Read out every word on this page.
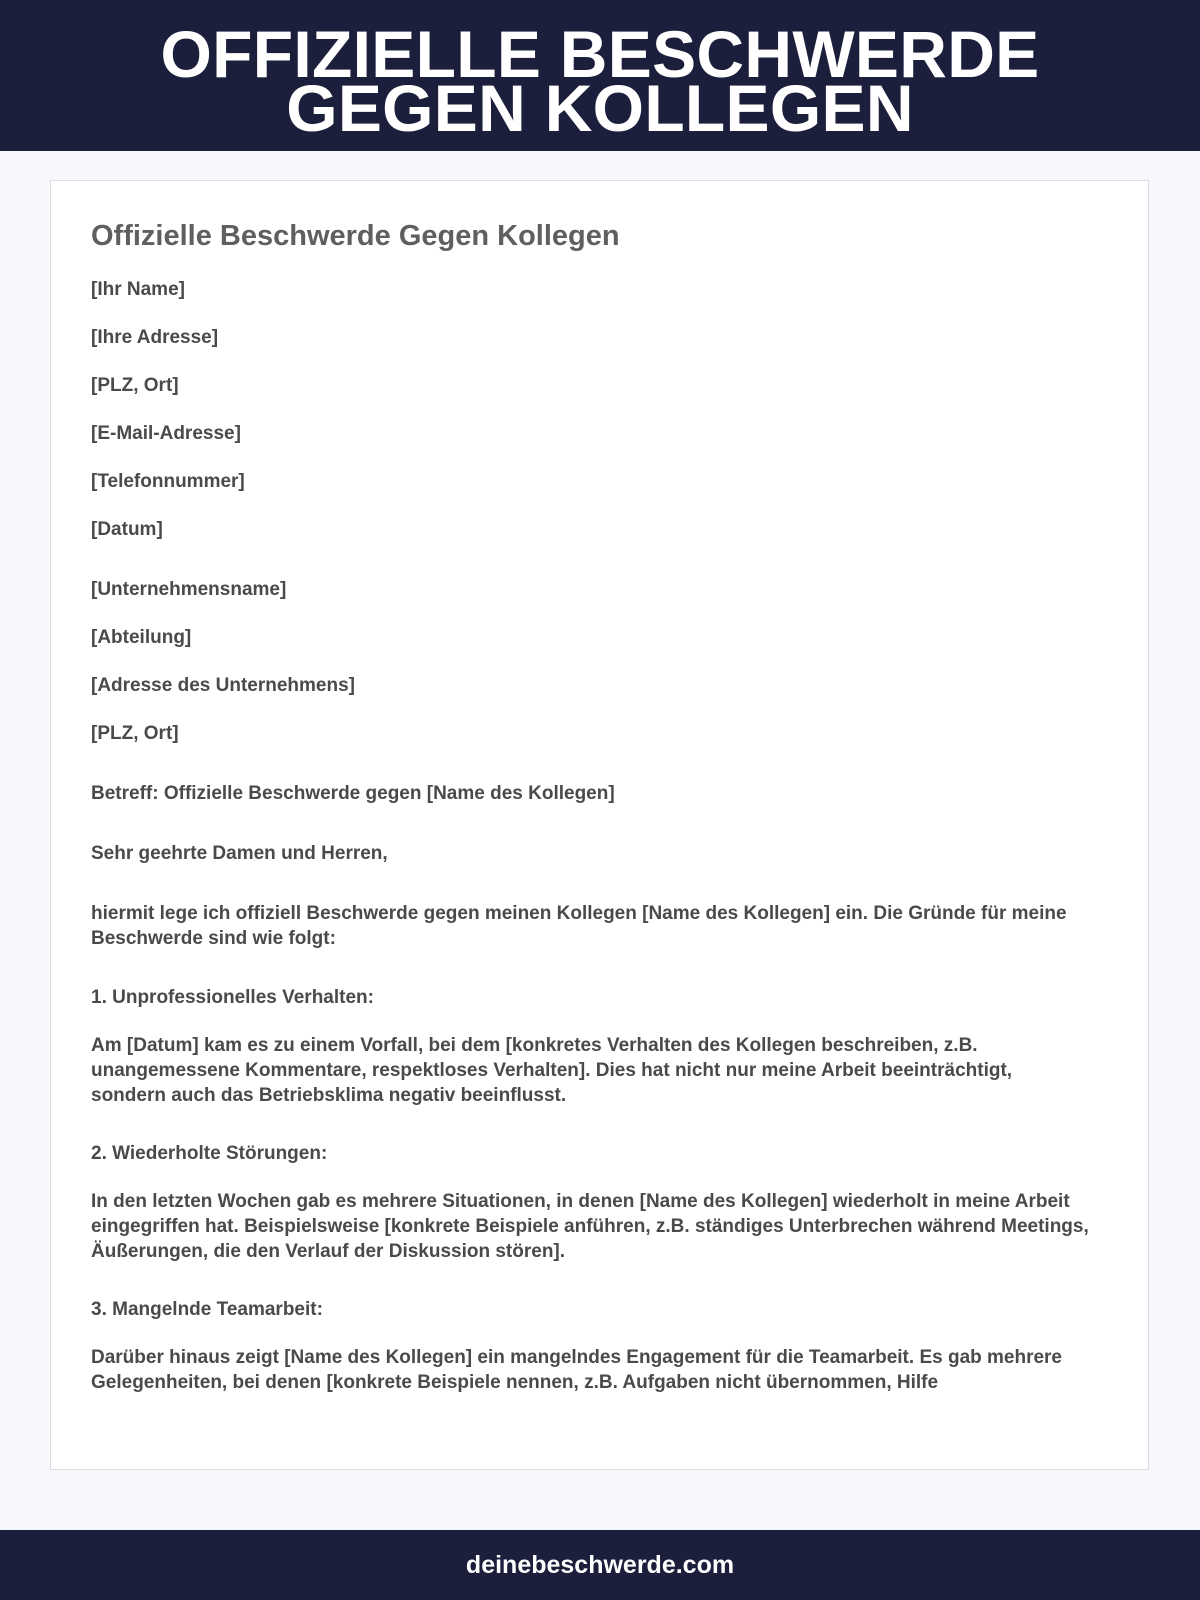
OFFIZIELLE BESCHWERDE
GEGEN KOLLEGEN
Offizielle Beschwerde Gegen Kollegen

[Ihr Name]

[Ihre Adresse]

[PLZ, Ort]

[E-Mail-Adresse]

[Telefonnummer]

[Datum]

[Unternehmensname]

[Abteilung]

[Adresse des Unternehmens]

[PLZ, Ort]

Betreff: Offizielle Beschwerde gegen [Name des Kollegen]

Sehr geehrte Damen und Herren,

hiermit lege ich offiziell Beschwerde gegen meinen Kollegen [Name des Kollegen] ein. Die Gründe für meine Beschwerde sind wie folgt:

1. Unprofessionelles Verhalten:

Am [Datum] kam es zu einem Vorfall, bei dem [konkretes Verhalten des Kollegen beschreiben, z.B. unangemessene Kommentare, respektloses Verhalten]. Dies hat nicht nur meine Arbeit beeinträchtigt, sondern auch das Betriebsklima negativ beeinflusst.

2. Wiederholte Störungen:

In den letzten Wochen gab es mehrere Situationen, in denen [Name des Kollegen] wiederholt in meine Arbeit eingegriffen hat. Beispielsweise [konkrete Beispiele anführen, z.B. ständiges Unterbrechen während Meetings, Äußerungen, die den Verlauf der Diskussion stören].

3. Mangelnde Teamarbeit:

Darüber hinaus zeigt [Name des Kollegen] ein mangelndes Engagement für die Teamarbeit. Es gab mehrere Gelegenheiten, bei denen [konkrete Beispiele nennen, z.B. Aufgaben nicht übernommen, Hilfe

deinebeschwerde.com
